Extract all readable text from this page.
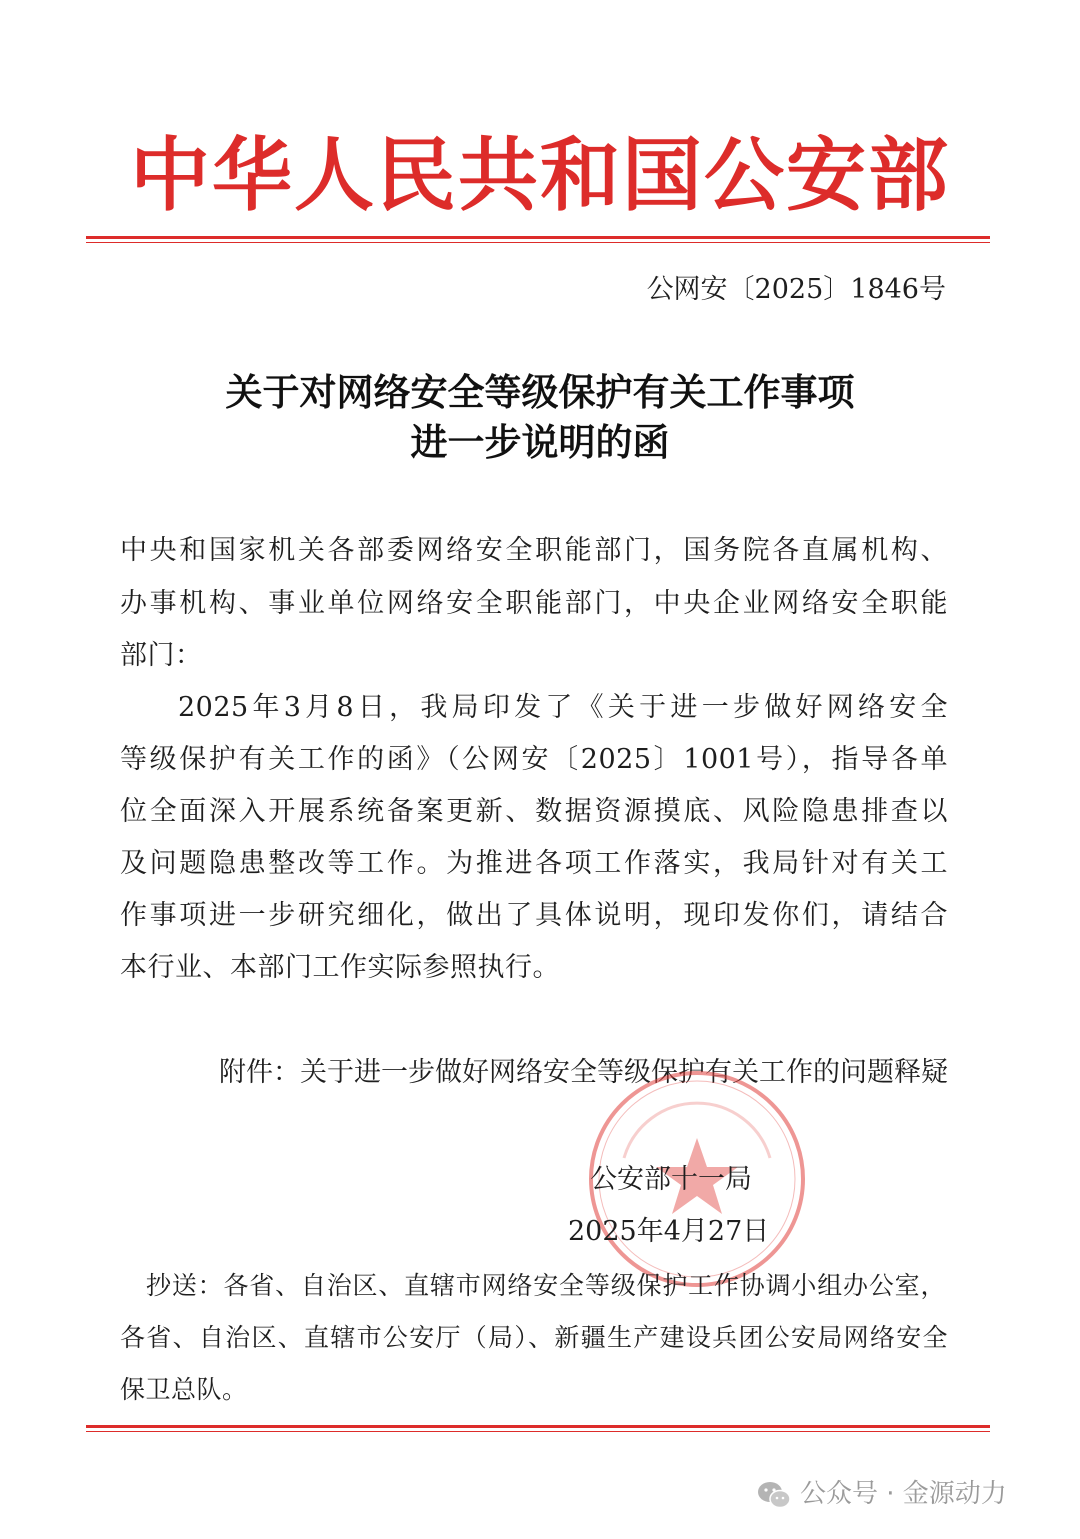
中华人民共和国公安部
公网安〔2025〕1846号
关于对网络安全等级保护有关工作事项
进一步说明的函
中央和国家机关各部委网络安全职能部门，国务院各直属机构、
办事机构、事业单位网络安全职能部门，中央企业网络安全职能
部门：
2025年3月8日，我局印发了《关于进一步做好网络安全
等级保护有关工作的函》（公网安〔2025〕1001号），指导各单
位全面深入开展系统备案更新、数据资源摸底、风险隐患排查以
及问题隐患整改等工作。为推进各项工作落实，我局针对有关工
作事项进一步研究细化，做出了具体说明，现印发你们，请结合
本行业、本部门工作实际参照执行。
附件：关于进一步做好网络安全等级保护有关工作的问题释疑
公安部十一局
2025年4月27日
抄送：各省、自治区、直辖市网络安全等级保护工作协调小组办公室，
各省、自治区、直辖市公安厅（局）、新疆生产建设兵团公安局网络安全
保卫总队。
公众号 · 金源动力
